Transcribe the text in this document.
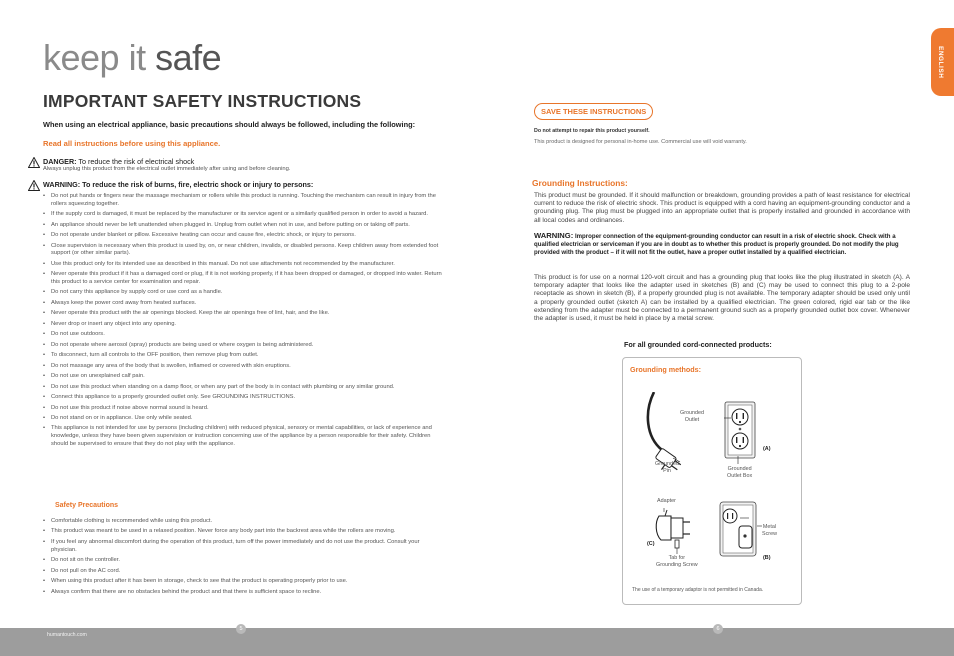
keep it safe
IMPORTANT SAFETY INSTRUCTIONS
When using an electrical appliance, basic precautions should always be followed, including the following:
Read all instructions before using this appliance.
DANGER: To reduce the risk of electrical shock
Always unplug this product from the electrical outlet immediately after using and before cleaning.
WARNING: To reduce the risk of burns, fire, electric shock or injury to persons:
• Do not put hands or fingers near the massage mechanism or rollers while this product is running. Touching the mechanism can result in injury from the rollers squeezing together.
• If the supply cord is damaged, it must be replaced by the manufacturer or its service agent or a similarly qualified person in order to avoid a hazard.
• An appliance should never be left unattended when plugged in. Unplug from outlet when not in use, and before putting on or taking off parts.
• Do not operate under blanket or pillow. Excessive heating can occur and cause fire, electric shock, or injury to persons.
• Close supervision is necessary when this product is used by, on, or near children, invalids, or disabled persons. Keep children away from extended foot support (or other similar parts).
• Use this product only for its intended use as described in this manual. Do not use attachments not recommended by the manufacturer.
• Never operate this product if it has a damaged cord or plug, if it is not working properly, if it has been dropped or damaged, or dropped into water. Return this product to a service center for examination and repair.
• Do not carry this appliance by supply cord or use cord as a handle.
• Always keep the power cord away from heated surfaces.
• Never operate this product with the air openings blocked. Keep the air openings free of lint, hair, and the like.
• Never drop or insert any object into any opening.
• Do not use outdoors.
• Do not operate where aerosol (spray) products are being used or where oxygen is being administered.
• To disconnect, turn all controls to the OFF position, then remove plug from outlet.
• Do not massage any area of the body that is swollen, inflamed or covered with skin eruptions.
• Do not use on unexplained calf pain.
• Do not use this product when standing on a damp floor, or when any part of the body is in contact with plumbing or any similar ground.
• Connect this appliance to a properly grounded outlet only. See GROUNDING INSTRUCTIONS.
• Do not use this product if noise above normal sound is heard.
• Do not stand on or in appliance. Use only while seated.
• This appliance is not intended for use by persons (including children) with reduced physical, sensory or mental capabilities, or lack of experience and knowledge, unless they have been given supervision or instruction concerning use of the appliance by a person responsible for their safety. Children should be supervised to ensure that they do not play with the appliance.
Safety Precautions
• Comfortable clothing is recommended while using this product.
• This product was meant to be used in a relaxed position. Never force any body part into the backrest area while the rollers are moving.
• If you feel any abnormal discomfort during the operation of this product, turn off the power immediately and do not use the product. Consult your physician.
• Do not sit on the controller.
• Do not pull on the AC cord.
• When using this product after it has been in storage, check to see that the product is operating properly prior to use.
• Always confirm that there are no obstacles behind the product and that there is sufficient space to recline.
ENGLISH
SAVE THESE INSTRUCTIONS
Do not attempt to repair this product yourself.
This product is designed for personal in-home use. Commercial use will void warranty.
Grounding Instructions:
This product must be grounded. If it should malfunction or breakdown, grounding provides a path of least resistance for electrical current to reduce the risk of electric shock. This product is equipped with a cord having an equipment-grounding conductor and a grounding plug. The plug must be plugged into an appropriate outlet that is properly installed and grounded in accordance with all local codes and ordinances.
WARNING: Improper connection of the equipment-grounding conductor can result in a risk of electric shock. Check with a qualified electrician or serviceman if you are in doubt as to whether this product is properly grounded. Do not modify the plug provided with the product – if it will not fit the outlet, have a proper outlet installed by a qualified electrician.
This product is for use on a normal 120-volt circuit and has a grounding plug that looks like the plug illustrated in sketch (A). A temporary adapter that looks like the adapter used in sketches (B) and (C) may be used to connect this plug to a 2-pole receptacle as shown in sketch (B), if a properly grounded plug is not available. The temporary adapter should be used only until a properly grounded outlet (sketch A) can be installed by a qualified electrician. The green colored, rigid ear tab or the like extending from the adapter must be connected to a permanent ground such as a properly grounded outlet box cover. Whenever the adapter is used, it must be held in place by a metal screw.
For all grounded cord-connected products:
Grounding methods:
Grounded
Outlet
Grounded
Pin	Grounded
Outlet Box
(A)
Adapter
Metal
Screw
(C)
Tab for
Grounding Screw
(B)
The use of a temporary adaptor is not permitted in Canada.
humantouch.com
5	6
